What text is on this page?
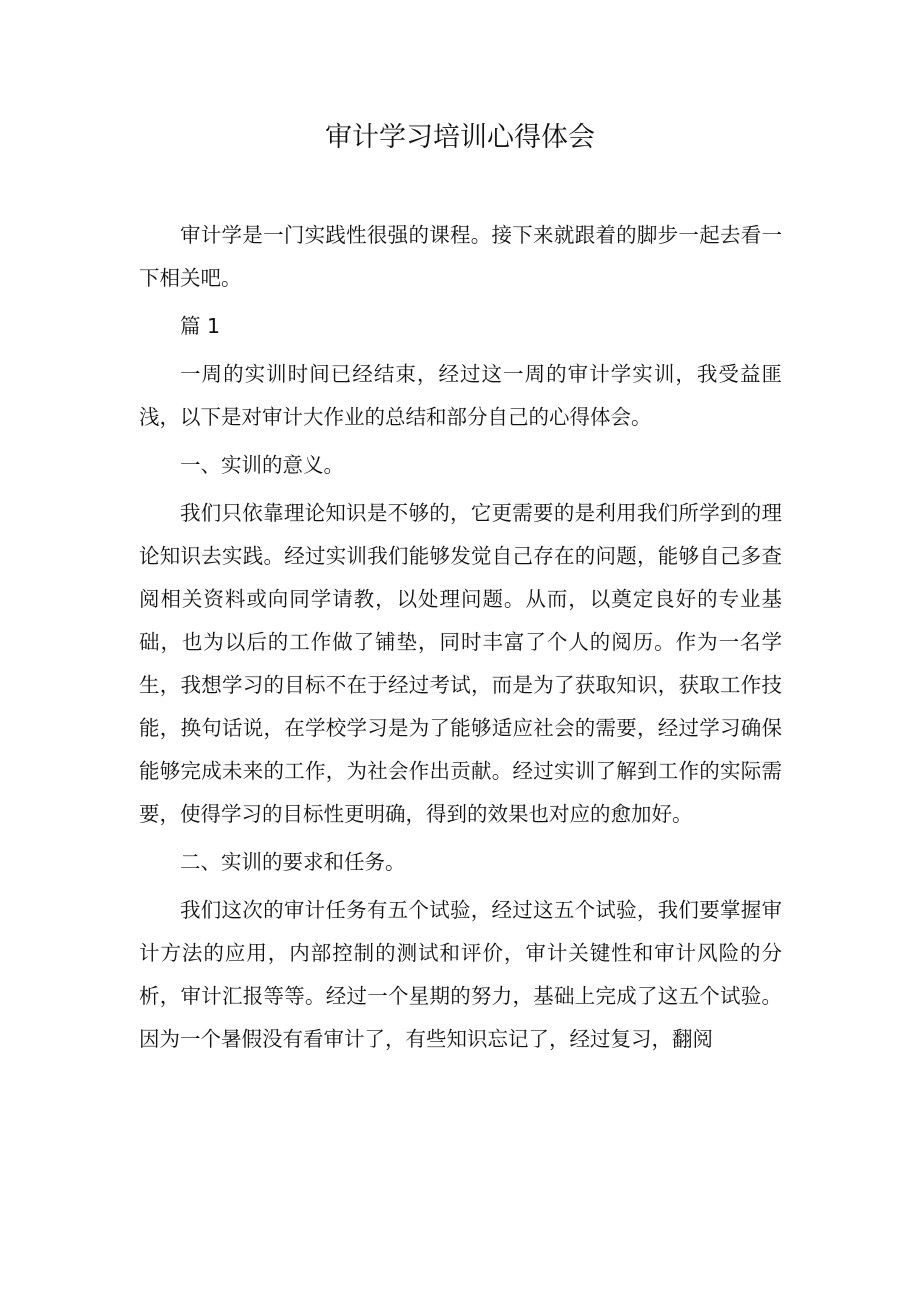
审计学习培训心得体会

审计学是一门实践性很强的课程。接下来就跟着的脚步一起去看一下相关吧。

篇 1

一周的实训时间已经结束，经过这一周的审计学实训，我受益匪浅，以下是对审计大作业的总结和部分自己的心得体会。

一、实训的意义。

我们只依靠理论知识是不够的，它更需要的是利用我们所学到的理论知识去实践。经过实训我们能够发觉自己存在的问题，能够自己多查阅相关资料或向同学请教，以处理问题。从而，以奠定良好的专业基础，也为以后的工作做了铺垫，同时丰富了个人的阅历。作为一名学生，我想学习的目标不在于经过考试，而是为了获取知识，获取工作技能，换句话说，在学校学习是为了能够适应社会的需要，经过学习确保能够完成未来的工作，为社会作出贡献。经过实训了解到工作的实际需要，使得学习的目标性更明确，得到的效果也对应的愈加好。

二、实训的要求和任务。

我们这次的审计任务有五个试验，经过这五个试验，我们要掌握审计方法的应用，内部控制的测试和评价，审计关键性和审计风险的分析，审计汇报等等。经过一个星期的努力，基础上完成了这五个试验。因为一个暑假没有看审计了，有些知识忘记了，经过复习，翻阅
